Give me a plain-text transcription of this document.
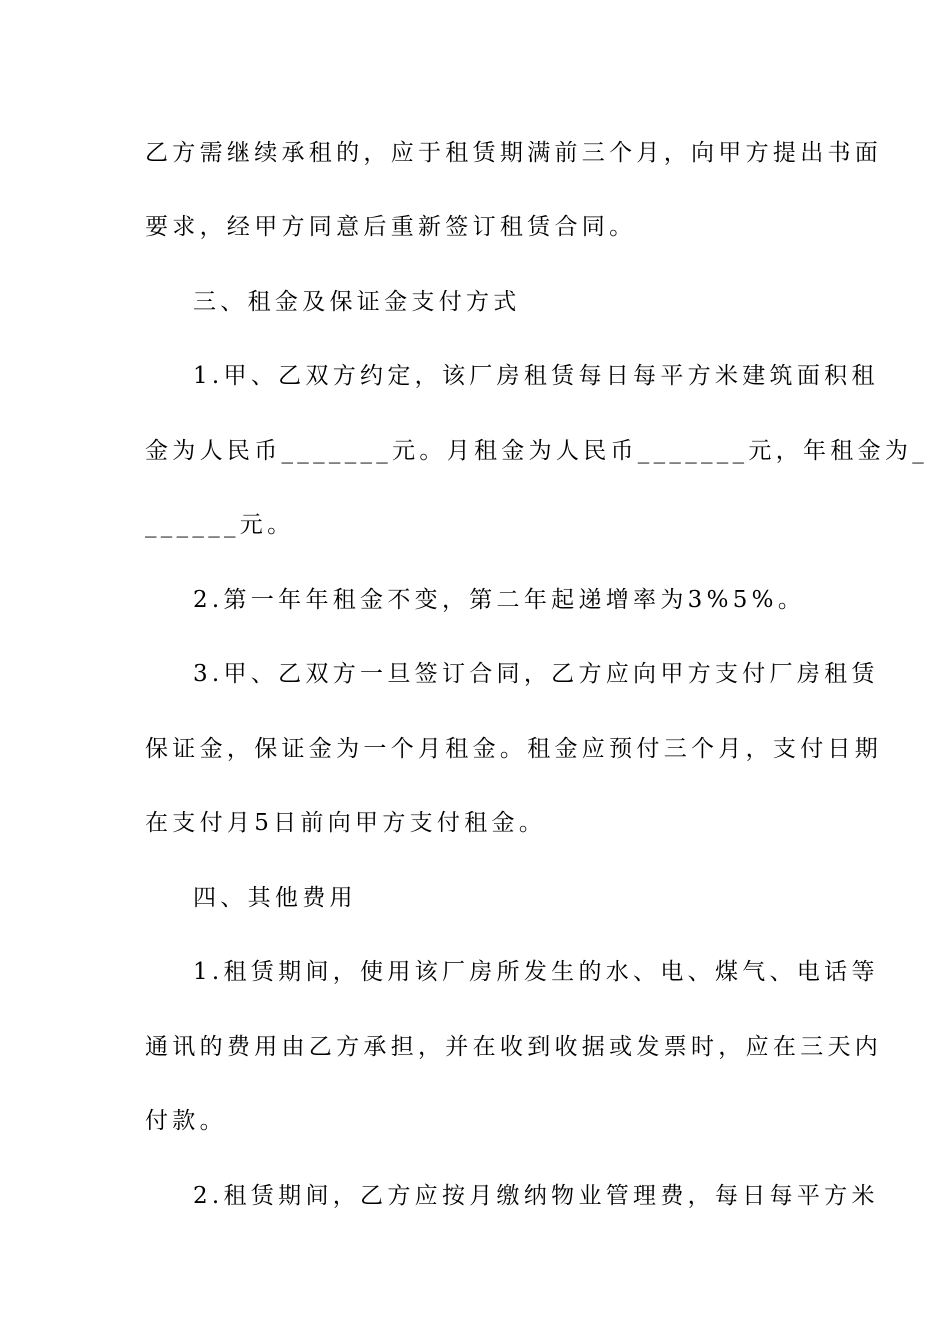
乙方需继续承租的，应于租赁期满前三个月，向甲方提出书面
要求，经甲方同意后重新签订租赁合同。
三、租金及保证金支付方式
1.甲、乙双方约定，该厂房租赁每日每平方米建筑面积租
金为人民币_______元。月租金为人民币_______元，年租金为_
______元。
2.第一年年租金不变，第二年起递增率为3%5%。
3.甲、乙双方一旦签订合同，乙方应向甲方支付厂房租赁
保证金，保证金为一个月租金。租金应预付三个月，支付日期
在支付月5日前向甲方支付租金。
四、其他费用
1.租赁期间，使用该厂房所发生的水、电、煤气、电话等
通讯的费用由乙方承担，并在收到收据或发票时，应在三天内
付款。
2.租赁期间，乙方应按月缴纳物业管理费，每日每平方米
